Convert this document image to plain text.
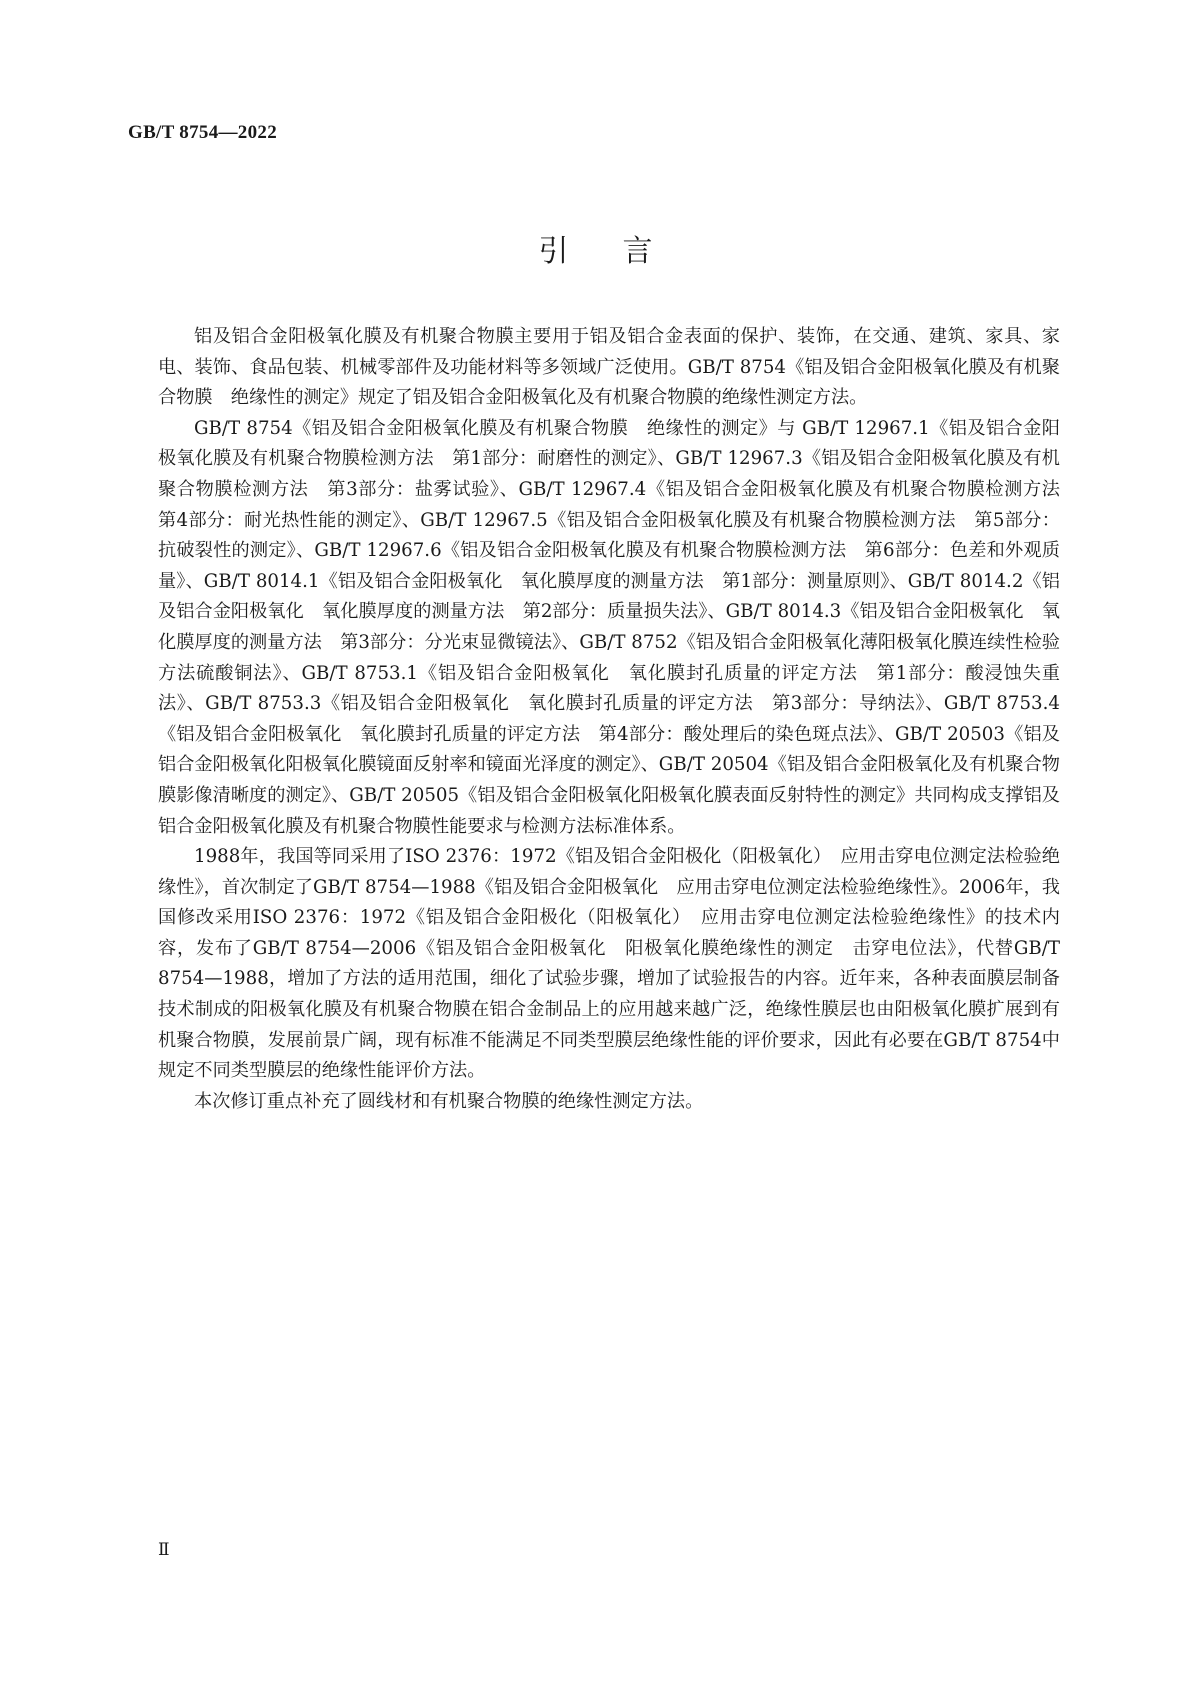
GB/T 8754—2022
引言

铝及铝合金阳极氧化膜及有机聚合物膜主要用于铝及铝合金表面的保护、装饰，在交通、建筑、家具、家电、装饰、食品包装、机械零部件及功能材料等多领域广泛使用。GB/T 8754《铝及铝合金阳极氧化膜及有机聚合物膜　绝缘性的测定》规定了铝及铝合金阳极氧化及有机聚合物膜的绝缘性测定方法。

GB/T 8754《铝及铝合金阳极氧化膜及有机聚合物膜　绝缘性的测定》与 GB/T 12967.1《铝及铝合金阳极氧化膜及有机聚合物膜检测方法　第1部分：耐磨性的测定》、GB/T 12967.3《铝及铝合金阳极氧化膜及有机聚合物膜检测方法　第3部分：盐雾试验》、GB/T 12967.4《铝及铝合金阳极氧化膜及有机聚合物膜检测方法　第4部分：耐光热性能的测定》、GB/T 12967.5《铝及铝合金阳极氧化膜及有机聚合物膜检测方法　第5部分：抗破裂性的测定》、GB/T 12967.6《铝及铝合金阳极氧化膜及有机聚合物膜检测方法　第6部分：色差和外观质量》、GB/T 8014.1《铝及铝合金阳极氧化　氧化膜厚度的测量方法　第1部分：测量原则》、GB/T 8014.2《铝及铝合金阳极氧化　氧化膜厚度的测量方法　第2部分：质量损失法》、GB/T 8014.3《铝及铝合金阳极氧化　氧化膜厚度的测量方法　第3部分：分光束显微镜法》、GB/T 8752《铝及铝合金阳极氧化薄阳极氧化膜连续性检验方法硫酸铜法》、GB/T 8753.1《铝及铝合金阳极氧化　氧化膜封孔质量的评定方法　第1部分：酸浸蚀失重法》、GB/T 8753.3《铝及铝合金阳极氧化　氧化膜封孔质量的评定方法　第3部分：导纳法》、GB/T 8753.4《铝及铝合金阳极氧化　氧化膜封孔质量的评定方法　第4部分：酸处理后的染色斑点法》、GB/T 20503《铝及铝合金阳极氧化阳极氧化膜镜面反射率和镜面光泽度的测定》、GB/T 20504《铝及铝合金阳极氧化及有机聚合物膜影像清晰度的测定》、GB/T 20505《铝及铝合金阳极氧化阳极氧化膜表面反射特性的测定》共同构成支撑铝及铝合金阳极氧化膜及有机聚合物膜性能要求与检测方法标准体系。

1988年，我国等同采用了ISO 2376：1972《铝及铝合金阳极化（阳极氧化）　应用击穿电位测定法检验绝缘性》，首次制定了GB/T 8754—1988《铝及铝合金阳极氧化　应用击穿电位测定法检验绝缘性》。2006年，我国修改采用ISO 2376：1972《铝及铝合金阳极化（阳极氧化）　应用击穿电位测定法检验绝缘性》的技术内容，发布了GB/T 8754—2006《铝及铝合金阳极氧化　阳极氧化膜绝缘性的测定　击穿电位法》，代替GB/T 8754—1988，增加了方法的适用范围，细化了试验步骤，增加了试验报告的内容。近年来，各种表面膜层制备技术制成的阳极氧化膜及有机聚合物膜在铝合金制品上的应用越来越广泛，绝缘性膜层也由阳极氧化膜扩展到有机聚合物膜，发展前景广阔，现有标准不能满足不同类型膜层绝缘性能的评价要求，因此有必要在GB/T 8754中规定不同类型膜层的绝缘性能评价方法。

本次修订重点补充了圆线材和有机聚合物膜的绝缘性测定方法。

Ⅱ
